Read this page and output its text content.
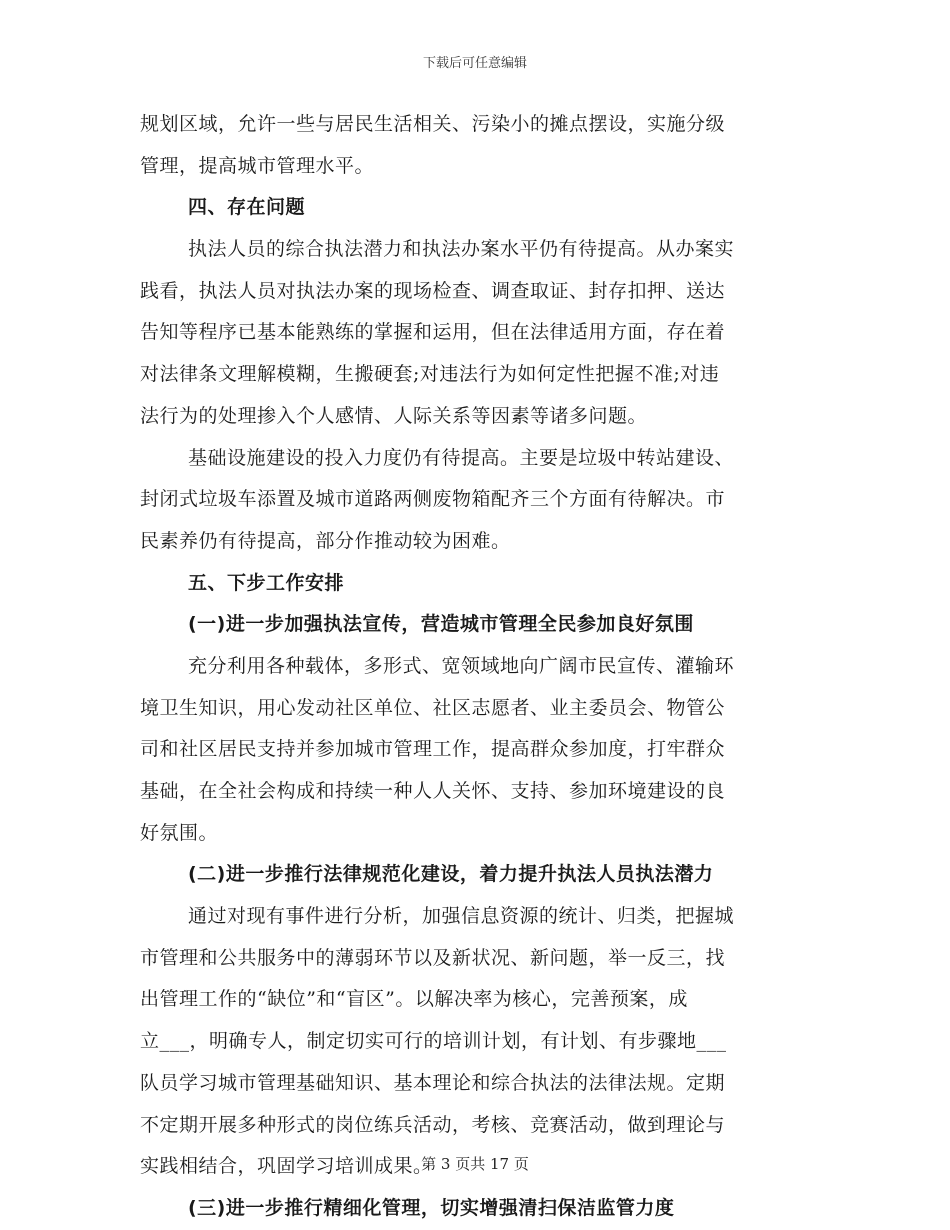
下载后可任意编辑
规划区域，允许一些与居民生活相关、污染小的摊点摆设，实施分级
管理，提高城市管理水平。
四、存在问题
执法人员的综合执法潜力和执法办案水平仍有待提高。从办案实
践看，执法人员对执法办案的现场检查、调查取证、封存扣押、送达
告知等程序已基本能熟练的掌握和运用，但在法律适用方面，存在着
对法律条文理解模糊，生搬硬套;对违法行为如何定性把握不准;对违
法行为的处理掺入个人感情、人际关系等因素等诸多问题。
基础设施建设的投入力度仍有待提高。主要是垃圾中转站建设、
封闭式垃圾车添置及城市道路两侧废物箱配齐三个方面有待解决。市
民素养仍有待提高，部分作推动较为困难。
五、下步工作安排
(一)进一步加强执法宣传，营造城市管理全民参加良好氛围
充分利用各种载体，多形式、宽领域地向广阔市民宣传、灌输环
境卫生知识，用心发动社区单位、社区志愿者、业主委员会、物管公
司和社区居民支持并参加城市管理工作，提高群众参加度，打牢群众
基础，在全社会构成和持续一种人人关怀、支持、参加环境建设的良
好氛围。
(二)进一步推行法律规范化建设，着力提升执法人员执法潜力
通过对现有事件进行分析，加强信息资源的统计、归类，把握城
市管理和公共服务中的薄弱环节以及新状况、新问题，举一反三，找
出管理工作的“缺位”和“盲区”。以解决率为核心，完善预案，成
立___，明确专人，制定切实可行的培训计划，有计划、有步骤地___
队员学习城市管理基础知识、基本理论和综合执法的法律法规。定期
不定期开展多种形式的岗位练兵活动，考核、竞赛活动，做到理论与
实践相结合，巩固学习培训成果。
(三)进一步推行精细化管理，切实增强清扫保洁监管力度
第 3 页共 17 页
